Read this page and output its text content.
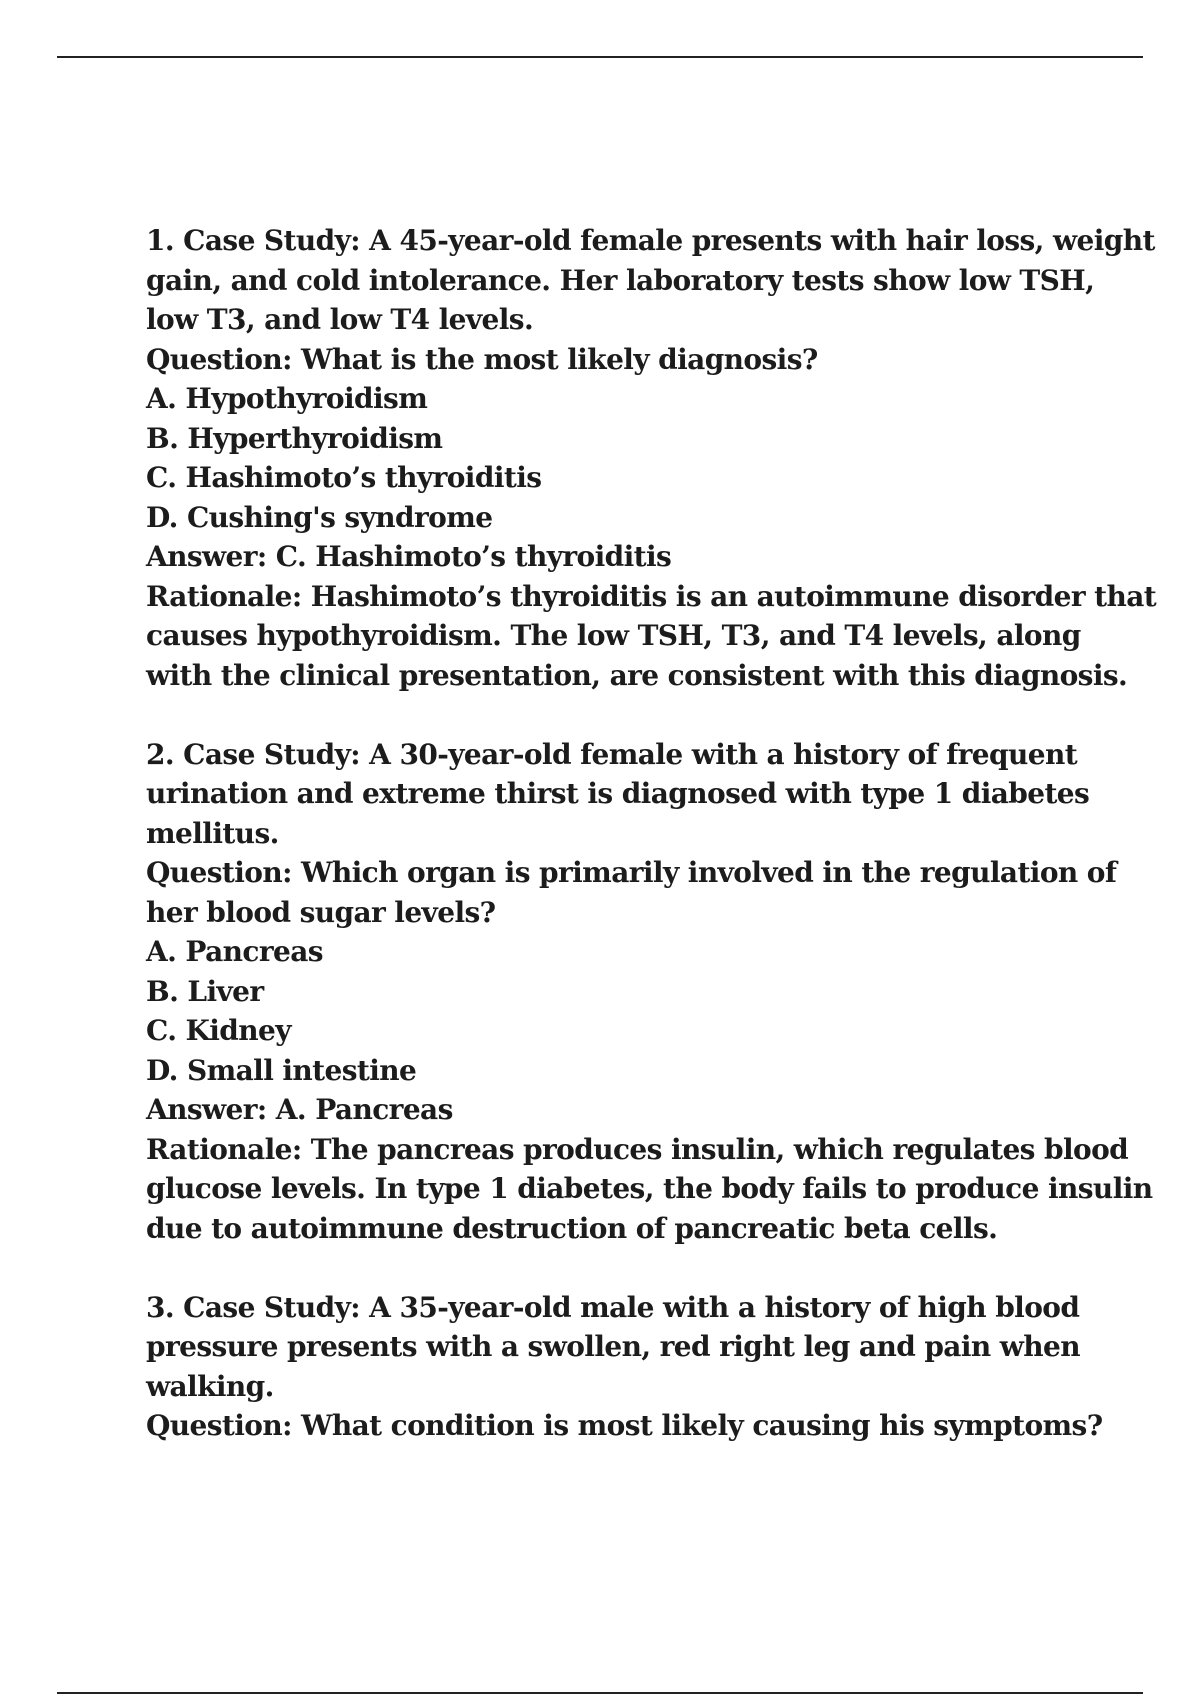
1. Case Study: A 45-year-old female presents with hair loss, weight

gain, and cold intolerance. Her laboratory tests show low TSH,

low T3, and low T4 levels.

Question: What is the most likely diagnosis?

A. Hypothyroidism

B. Hyperthyroidism

C. Hashimoto’s thyroiditis

D. Cushing's syndrome

Answer: C. Hashimoto’s thyroiditis

Rationale: Hashimoto’s thyroiditis is an autoimmune disorder that

causes hypothyroidism. The low TSH, T3, and T4 levels, along

with the clinical presentation, are consistent with this diagnosis.

2. Case Study: A 30-year-old female with a history of frequent

urination and extreme thirst is diagnosed with type 1 diabetes

mellitus.

Question: Which organ is primarily involved in the regulation of

her blood sugar levels?

A. Pancreas

B. Liver

C. Kidney

D. Small intestine

Answer: A. Pancreas

Rationale: The pancreas produces insulin, which regulates blood

glucose levels. In type 1 diabetes, the body fails to produce insulin

due to autoimmune destruction of pancreatic beta cells.

3. Case Study: A 35-year-old male with a history of high blood

pressure presents with a swollen, red right leg and pain when

walking.

Question: What condition is most likely causing his symptoms?
